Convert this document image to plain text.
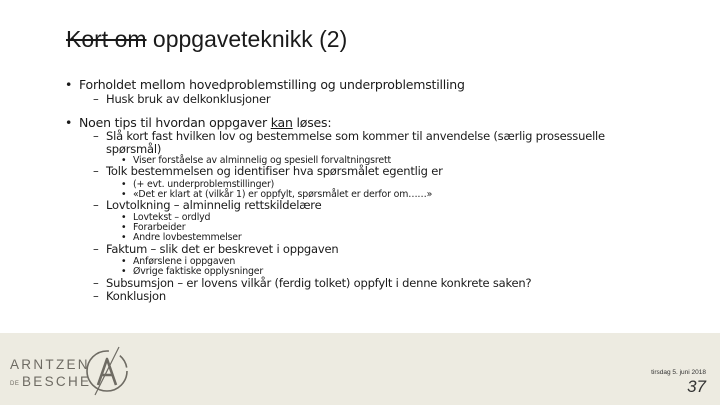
Kort om oppgaveteknikk (2)
• Forholdet mellom hovedproblemstilling og underproblemstilling
– Husk bruk av delkonklusjoner
• Noen tips til hvordan oppgaver kan løses:
– Slå kort fast hvilken lov og bestemmelse som kommer til anvendelse (særlig prosessuelle
spørsmål)
• Viser forståelse av alminnelig og spesiell forvaltningsrett
– Tolk bestemmelsen og identifiser hva spørsmålet egentlig er
• (+ evt. underproblemstillinger)
• «Det er klart at (vilkår 1) er oppfylt, spørsmålet er derfor om……»
– Lovtolkning – alminnelig rettskildelære
• Lovtekst – ordlyd
• Forarbeider
• Andre lovbestemmelser
– Faktum – slik det er beskrevet i oppgaven
• Anførslene i oppgaven
• Øvrige faktiske opplysninger
– Subsumsjon – er lovens vilkår (ferdig tolket) oppfylt i denne konkrete saken?
– Konklusjon
ARNTZEN
DE BESCHE
tirsdag 5. juni 2018
37
